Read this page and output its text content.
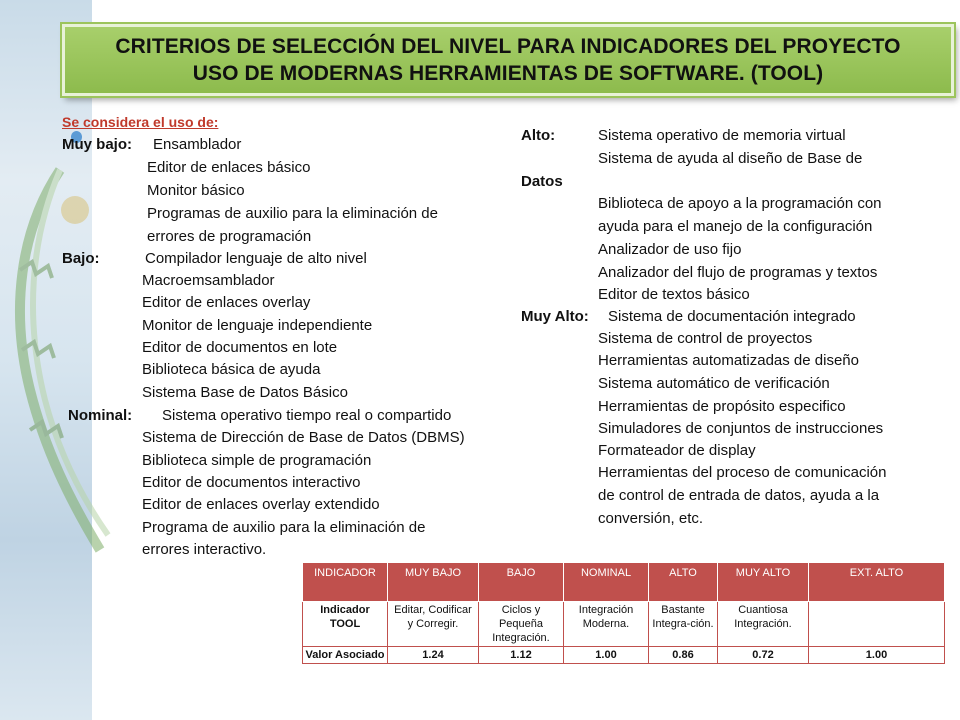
CRITERIOS DE SELECCIÓN DEL NIVEL PARA INDICADORES DEL PROYECTO
USO DE MODERNAS HERRAMIENTAS DE SOFTWARE. (TOOL)
Se considera el uso de:
Muy bajo: Ensamblador
Editor de enlaces básico
Monitor básico
Programas de auxilio para la eliminación de
errores de programación
Bajo:	Compilador lenguaje de alto nivel
Macroemsamblador
Editor de enlaces overlay
Monitor de lenguaje independiente
Editor de documentos en lote
Biblioteca básica de ayuda
Sistema Base de Datos Básico
Nominal: Sistema operativo tiempo real o compartido
Sistema de Dirección de Base de Datos (DBMS)
Biblioteca simple de programación
Editor de documentos interactivo
Editor de enlaces overlay extendido
Programa de auxilio para la eliminación de
errores interactivo.
Alto:	Sistema operativo de memoria virtual
Sistema de ayuda al diseño de Base de
Datos
Biblioteca de apoyo a la programación con
ayuda para el manejo de la configuración
Analizador de uso fijo
Analizador del flujo de programas y textos
Editor de textos básico
Muy Alto: Sistema de documentación integrado
Sistema de control de proyectos
Herramientas automatizadas de diseño
Sistema automático de verificación
Herramientas de propósito especifico
Simuladores de conjuntos de instrucciones
Formateador de display
Herramientas del proceso de comunicación
de control de entrada de datos, ayuda a la
conversión, etc.
INDICADOR	MUY BAJO	BAJO	NOMINAL	ALTO	MUY ALTO	EXT. ALTO
Indicador TOOL	Editar, Codificar y Corregir.	Ciclos y Pequeña Integración.	Integración Moderna.	Bastante Integra-ción.	Cuantiosa Integración.	
Valor Asociado	1.24	1.12	1.00	0.86	0.72	1.00
